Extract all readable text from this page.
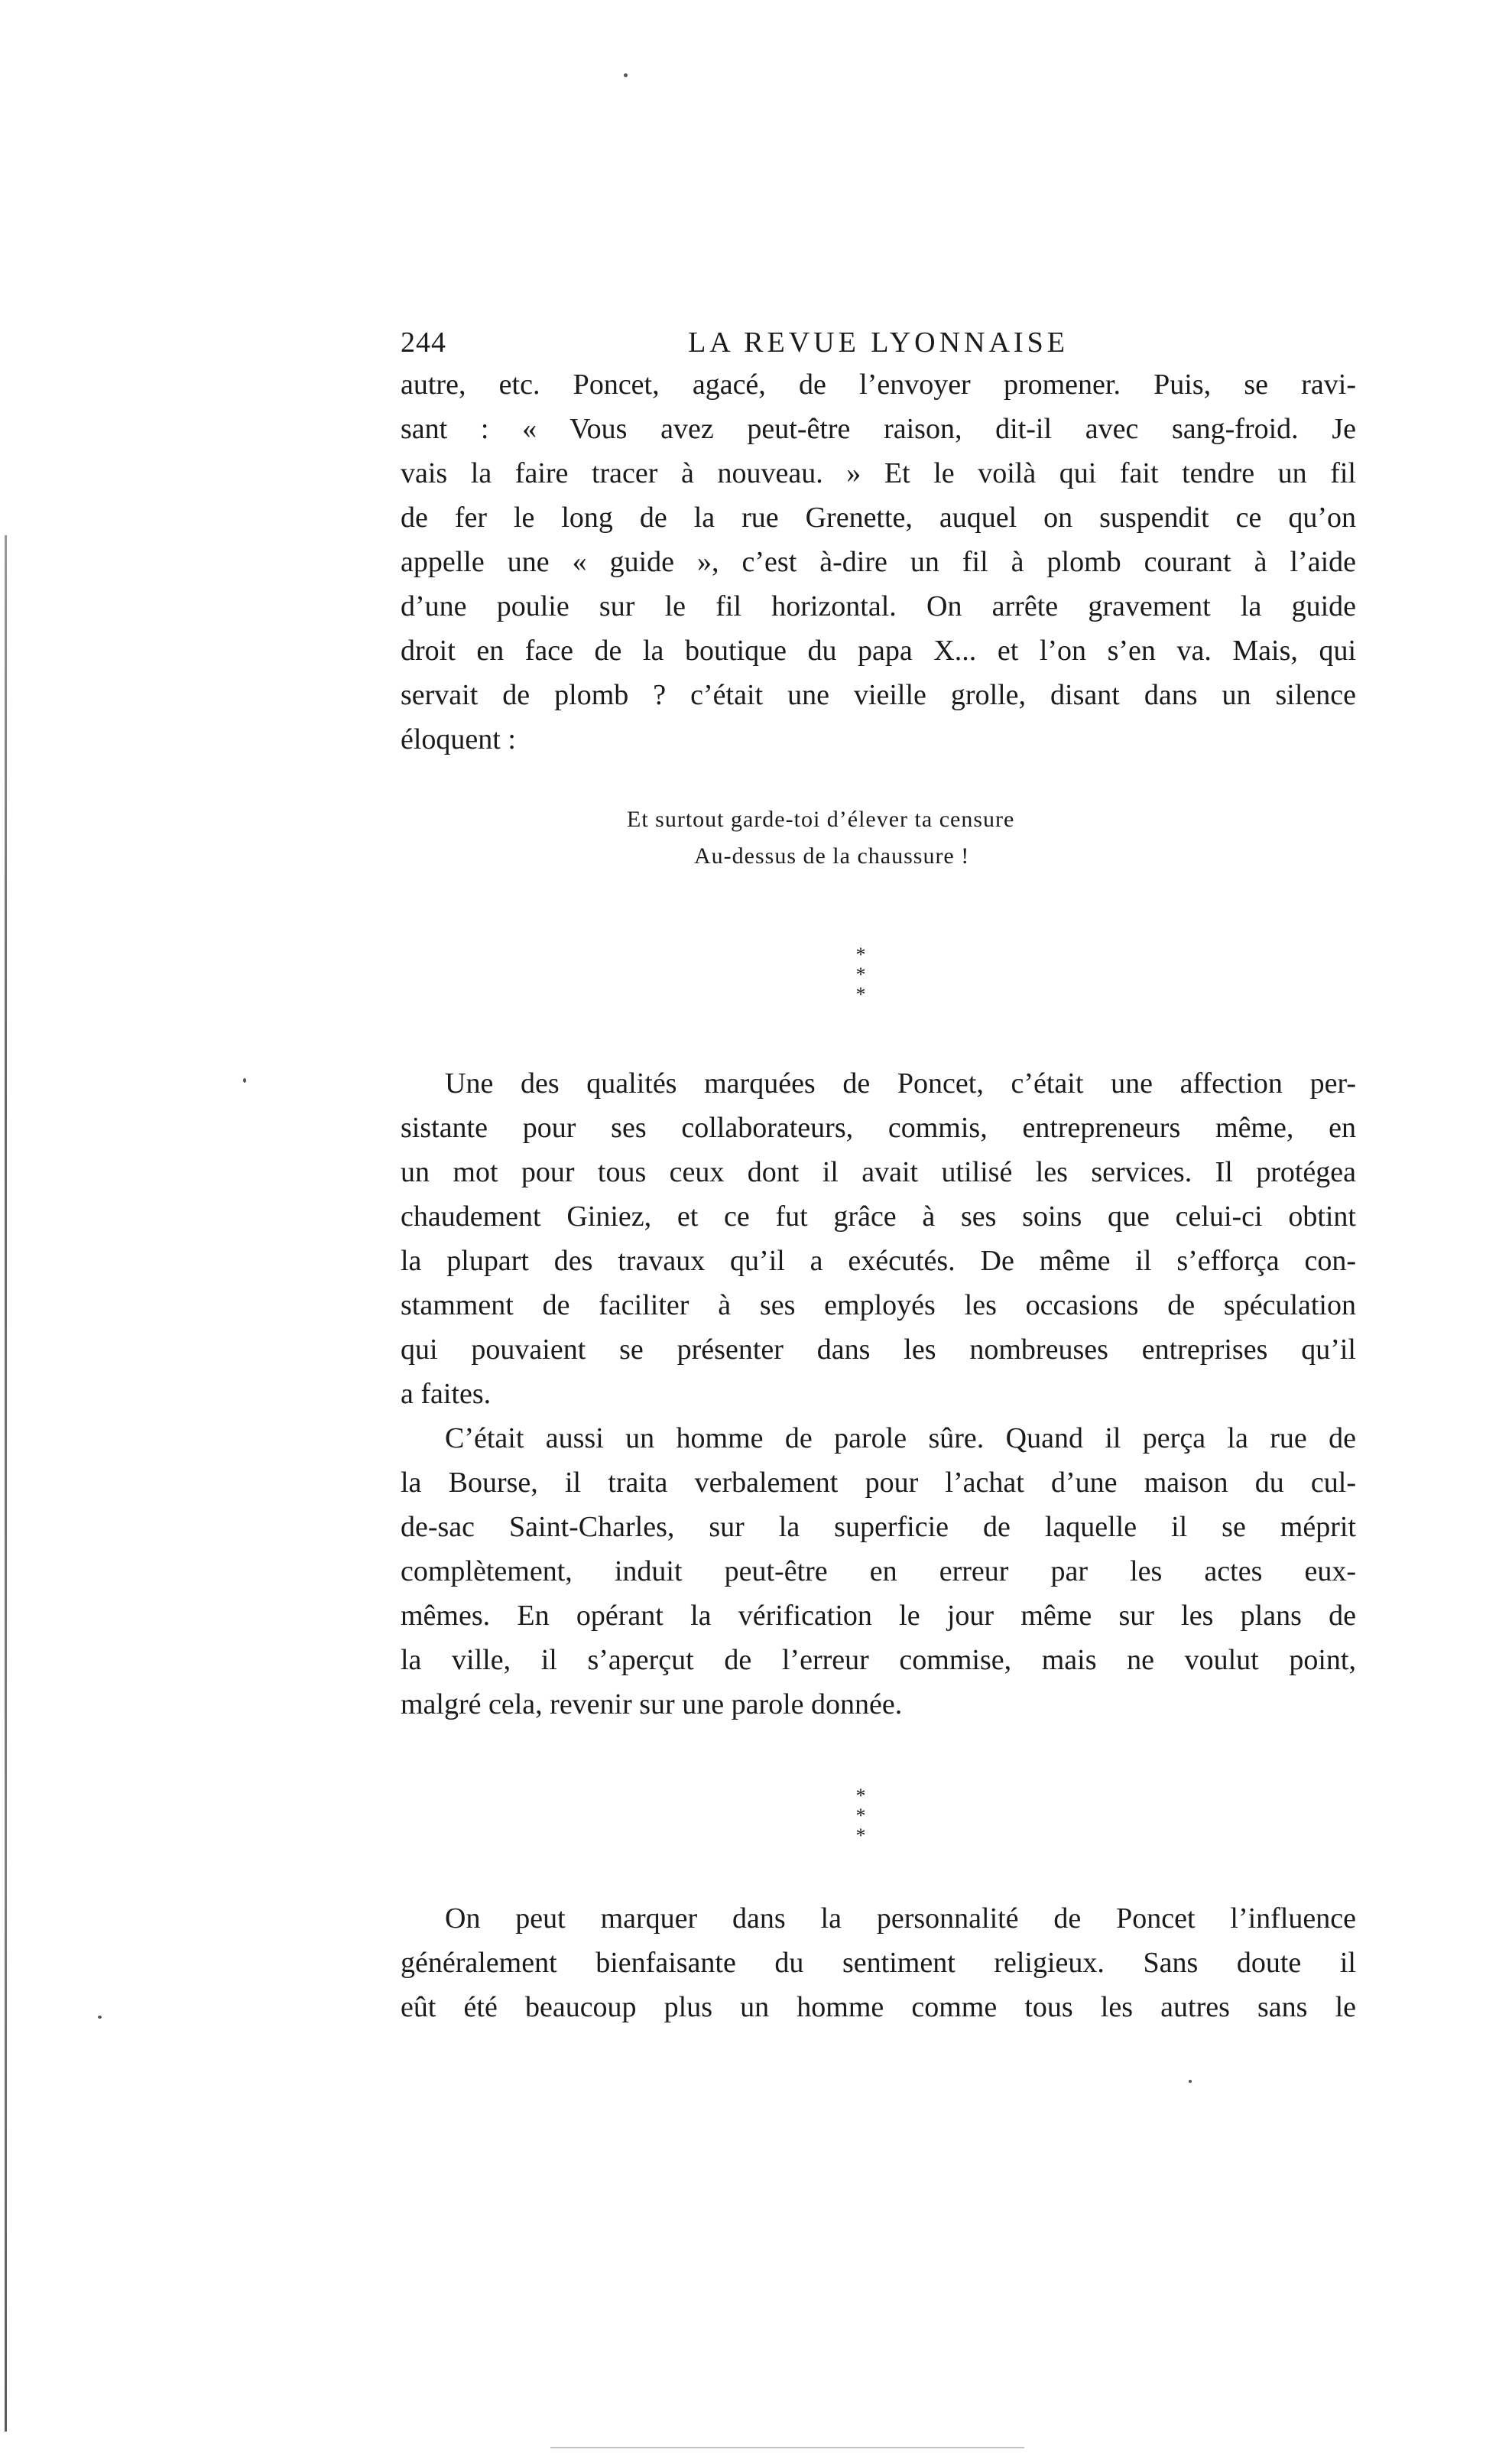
244	LA REVUE LYONNAISE
autre, etc. Poncet, agacé, de l’envoyer promener. Puis, se ravi-
sant : « Vous avez peut-être raison, dit-il avec sang-froid. Je
vais la faire tracer à nouveau. » Et le voilà qui fait tendre un fil
de fer le long de la rue Grenette, auquel on suspendit ce qu’on
appelle une « guide », c’est à-dire un fil à plomb courant à l’aide
d’une poulie sur le fil horizontal. On arrête gravement la guide
droit en face de la boutique du papa X... et l’on s’en va. Mais, qui
servait de plomb ? c’était une vieille grolle, disant dans un silence
éloquent :
Et surtout garde-toi d’élever ta censure
Au-dessus de la chaussure !
*
* *
Une des qualités marquées de Poncet, c’était une affection per-
sistante pour ses collaborateurs, commis, entrepreneurs même, en
un mot pour tous ceux dont il avait utilisé les services. Il protégea
chaudement Giniez, et ce fut grâce à ses soins que celui-ci obtint
la plupart des travaux qu’il a exécutés. De même il s’efforça con-
stamment de faciliter à ses employés les occasions de spéculation
qui pouvaient se présenter dans les nombreuses entreprises qu’il
a faites.
C’était aussi un homme de parole sûre. Quand il perça la rue de
la Bourse, il traita verbalement pour l’achat d’une maison du cul-
de-sac Saint-Charles, sur la superficie de laquelle il se méprit
complètement, induit peut-être en erreur par les actes eux-
mêmes. En opérant la vérification le jour même sur les plans de
la ville, il s’aperçut de l’erreur commise, mais ne voulut point,
malgré cela, revenir sur une parole donnée.
*
* *
On peut marquer dans la personnalité de Poncet l’influence
généralement bienfaisante du sentiment religieux. Sans doute il
eût été beaucoup plus un homme comme tous les autres sans le
